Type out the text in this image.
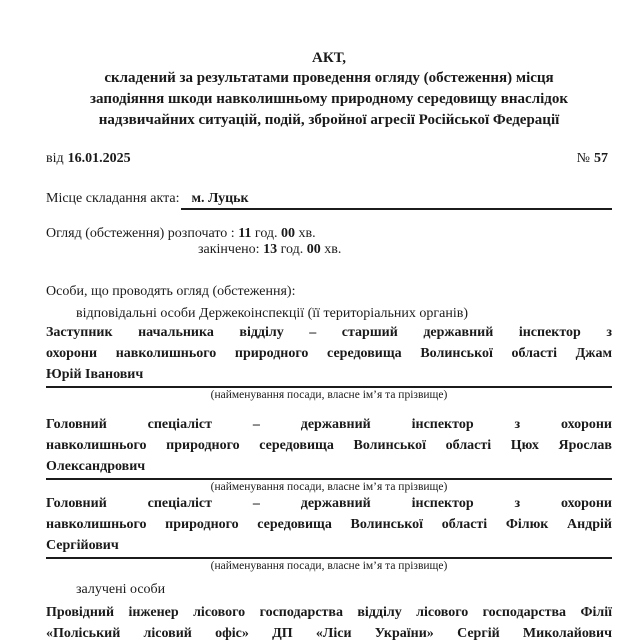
АКТ,
складений за результатами проведення огляду (обстеження) місця
заподіяння шкоди навколишньому природному середовищу внаслідок
надзвичайних ситуацій, подій, збройної агресії Російської Федерації
від 16.01.2025	№ 57
Місце складання акта: м. Луцьк
Огляд (обстеження) розпочато : 11 год. 00 хв.
закінчено: 13 год. 00 хв.
Особи, що проводять огляд (обстеження):
відповідальні особи Держекоінспекції (її територіальних органів)
Заступник начальника відділу – старший державний інспектор з
охорони навколишнього природного середовища Волинської області Джам
Юрій Іванович
(найменування посади, власне ім’я та прізвище)
Головний спеціаліст – державний інспектор з охорони
навколишнього природного середовища Волинської області Цюх Ярослав
Олександрович
(найменування посади, власне ім’я та прізвище)
Головний спеціаліст – державний інспектор з охорони
навколишнього природного середовища Волинської області Філюк Андрій
Сергійович
(найменування посади, власне ім’я та прізвище)
залучені особи
Провідний інженер лісового господарства відділу лісового господарства Філії
«Поліський лісовий офіс» ДП «Ліси України» Сергій Миколайович
